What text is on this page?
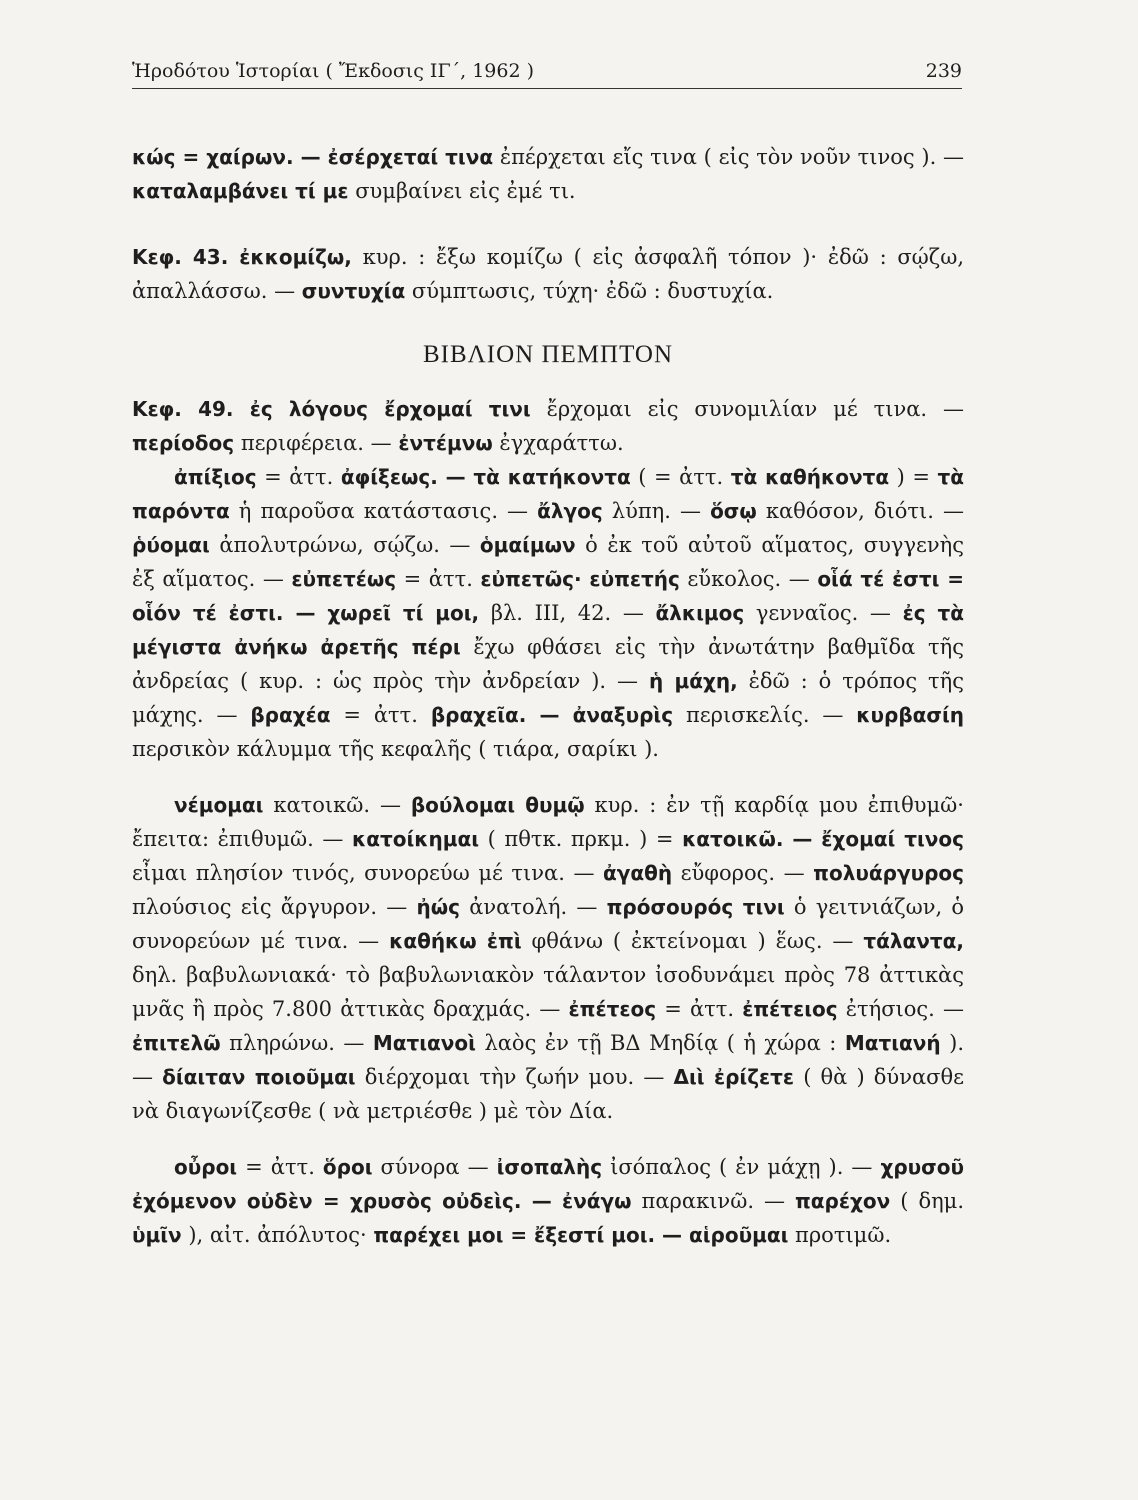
Ἡροδότου Ἱστορίαι ( Ἔκδοσις ΙΓ΄, 1962 )	239

κώς = χαίρων. — ἐσέρχεταί τινα ἐπέρχεται εἴς τινα ( εἰς τὸν νοῦν τινος ). — καταλαμβάνει τί με συμβαίνει εἰς ἐμέ τι.

Κεφ. 43. ἐκκομίζω, κυρ. : ἔξω κομίζω ( εἰς ἀσφαλῆ τόπον )· ἐδῶ : σῴζω, ἀπαλλάσσω. — συντυχία σύμπτωσις, τύχη· ἐδῶ : δυστυχία.

ΒΙΒΛΙΟΝ ΠΕΜΠΤΟΝ

Κεφ. 49. ἐς λόγους ἔρχομαί τινι ἔρχομαι εἰς συνομιλίαν μέ τινα. — περίοδος περιφέρεια. — ἐντέμνω ἐγχαράττω.

ἀπίξιος = ἀττ. ἀφίξεως. — τὰ κατήκοντα ( = ἀττ. τὰ καθήκοντα ) = τὰ παρόντα ἡ παροῦσα κατάστασις. — ἄλγος λύπη. — ὅσῳ καθόσον, διότι. — ῥύομαι ἀπολυτρώνω, σῴζω. — ὁμαίμων ὁ ἐκ τοῦ αὐτοῦ αἵματος, συγγενὴς ἐξ αἵματος. — εὐπετέως = ἀττ. εὐπετῶς· εὐπετής εὔκολος. — οἷά τέ ἐστι = οἷόν τέ ἐστι. — χωρεῖ τί μοι, βλ. III, 42. — ἄλκιμος γενναῖος. — ἐς τὰ μέγιστα ἀνήκω ἀρετῆς πέρι ἔχω φθάσει εἰς τὴν ἀνωτάτην βαθμῖδα τῆς ἀνδρείας ( κυρ. : ὡς πρὸς τὴν ἀνδρείαν ). — ἡ μάχη, ἐδῶ : ὁ τρόπος τῆς μάχης. — βραχέα = ἀττ. βραχεῖα. — ἀναξυρὶς περισκελίς. — κυρβασίη περσικὸν κάλυμμα τῆς κεφαλῆς ( τιάρα, σαρίκι ).

νέμομαι κατοικῶ. — βούλομαι θυμῷ κυρ. : ἐν τῇ καρδίᾳ μου ἐπιθυμῶ· ἔπειτα: ἐπιθυμῶ. — κατοίκημαι ( πθτκ. πρκμ. ) = κατοικῶ. — ἔχομαί τινος εἶμαι πλησίον τινός, συνορεύω μέ τινα. — ἀγαθὴ εὔφορος. — πολυάργυρος πλούσιος εἰς ἄργυρον. — ἠώς ἀνατολή. — πρόσουρός τινι ὁ γειτνιάζων, ὁ συνορεύων μέ τινα. — καθήκω ἐπὶ φθάνω ( ἐκτείνομαι ) ἕως. — τάλαντα, δηλ. βαβυλωνιακά· τὸ βαβυλωνιακὸν τάλαντον ἰσοδυνάμει πρὸς 78 ἀττικὰς μνᾶς ἢ πρὸς 7.800 ἀττικὰς δραχμάς. — ἐπέτεος = ἀττ. ἐπέτειος ἐτήσιος. — ἐπιτελῶ πληρώνω. — Ματιανοὶ λαὸς ἐν τῇ ΒΔ Μηδίᾳ ( ἡ χώρα : Ματιανή ). — δίαιταν ποιοῦμαι διέρχομαι τὴν ζωήν μου. — Διὶ ἐρίζετε ( θὰ ) δύνασθε νὰ διαγωνίζεσθε ( νὰ μετριέσθε ) μὲ τὸν Δία.

οὖροι = ἀττ. ὅροι σύνορα — ἰσοπαλὴς ἰσόπαλος ( ἐν μάχῃ ). — χρυσοῦ ἐχόμενον οὐδὲν = χρυσὸς οὐδεὶς. — ἐνάγω παρακινῶ. — παρέχον ( δημ. ὑμῖν ), αἰτ. ἀπόλυτος· παρέχει μοι = ἔξεστί μοι. — αἱροῦμαι προτιμῶ.
